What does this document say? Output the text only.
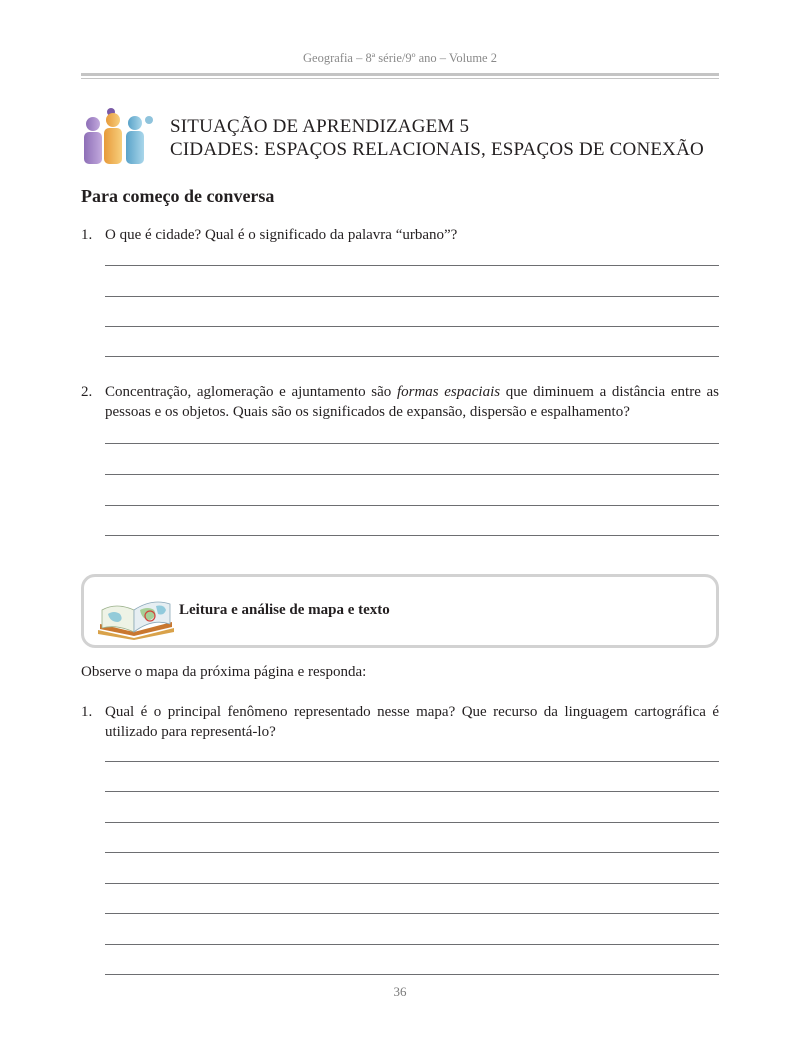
Geografia – 8ª série/9º ano – Volume 2
SITUAÇÃO DE APRENDIZAGEM 5
CIDADES: ESPAÇOS RELACIONAIS, ESPAÇOS DE CONEXÃO
Para começo de conversa
1. O que é cidade? Qual é o significado da palavra “urbano”?
2. Concentração, aglomeração e ajuntamento são formas espaciais que diminuem a distância entre as pessoas e os objetos. Quais são os significados de expansão, dispersão e espalhamento?
Leitura e análise de mapa e texto
Observe o mapa da próxima página e responda:
1. Qual é o principal fenômeno representado nesse mapa? Que recurso da linguagem cartográfica é utilizado para representá-lo?
36
